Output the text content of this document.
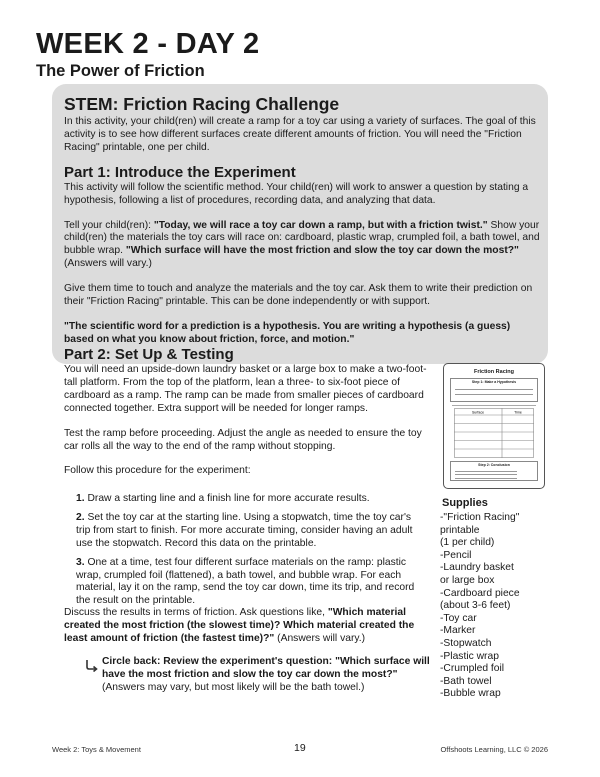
WEEK 2 - DAY 2
The Power of Friction
STEM: Friction Racing Challenge

In this activity, your child(ren) will create a ramp for a toy car using a variety of surfaces. The goal of this activity is to see how different surfaces create different amounts of friction. You will need the "Friction Racing" printable, one per child.

Part 1: Introduce the Experiment

This activity will follow the scientific method. Your child(ren) will work to answer a question by stating a hypothesis, following a list of procedures, recording data, and analyzing that data.

Tell your child(ren): "Today, we will race a toy car down a ramp, but with a friction twist." Show your child(ren) the materials the toy cars will race on: cardboard, plastic wrap, crumpled foil, a bath towel, and bubble wrap. "Which surface will have the most friction and slow the toy car down the most?" (Answers will vary.)

Give them time to touch and analyze the materials and the toy car. Ask them to write their prediction on their "Friction Racing" printable. This can be done independently or with support.

"The scientific word for a prediction is a hypothesis. You are writing a hypothesis (a guess) based on what you know about friction, force, and motion."

Part 2: Set Up & Testing

You will need an upside-down laundry basket or a large box to make a two-foot-tall platform. From the top of the platform, lean a three- to six-foot piece of cardboard as a ramp. The ramp can be made from smaller pieces of cardboard connected together. Extra support will be needed for longer ramps.

Test the ramp before proceeding. Adjust the angle as needed to ensure the toy car rolls all the way to the end of the ramp without stopping.

Follow this procedure for the experiment:

1. Draw a starting line and a finish line for more accurate results.

2. Set the toy car at the starting line. Using a stopwatch, time the toy car's trip from start to finish. For more accurate timing, consider having an adult use the stopwatch. Record this data on the printable.

3. One at a time, test four different surface materials on the ramp: plastic wrap, crumpled foil (flattened), a bath towel, and bubble wrap. For each material, lay it on the ramp, send the toy car down, time its trip, and record the result on the printable.

Discuss the results in terms of friction. Ask questions like, "Which material created the most friction (the slowest time)? Which material created the least amount of friction (the fastest time)?" (Answers will vary.)

Circle back: Review the experiment's question: "Which surface will have the most friction and slow the toy car down the most?" (Answers may vary, but most likely will be the bath towel.)

Friction Racing
Step 1: Make a Hypothesis
Surface	Time
Step 2: Conclusion
Supplies
-"Friction Racing"
printable
(1 per child)
-Pencil
-Laundry basket
or large box
-Cardboard piece
(about 3-6 feet)
-Toy car
-Marker
-Stopwatch
-Plastic wrap
-Crumpled foil
-Bath towel
-Bubble wrap
Week 2: Toys & Movement	19	Offshoots Learning, LLC © 2026
